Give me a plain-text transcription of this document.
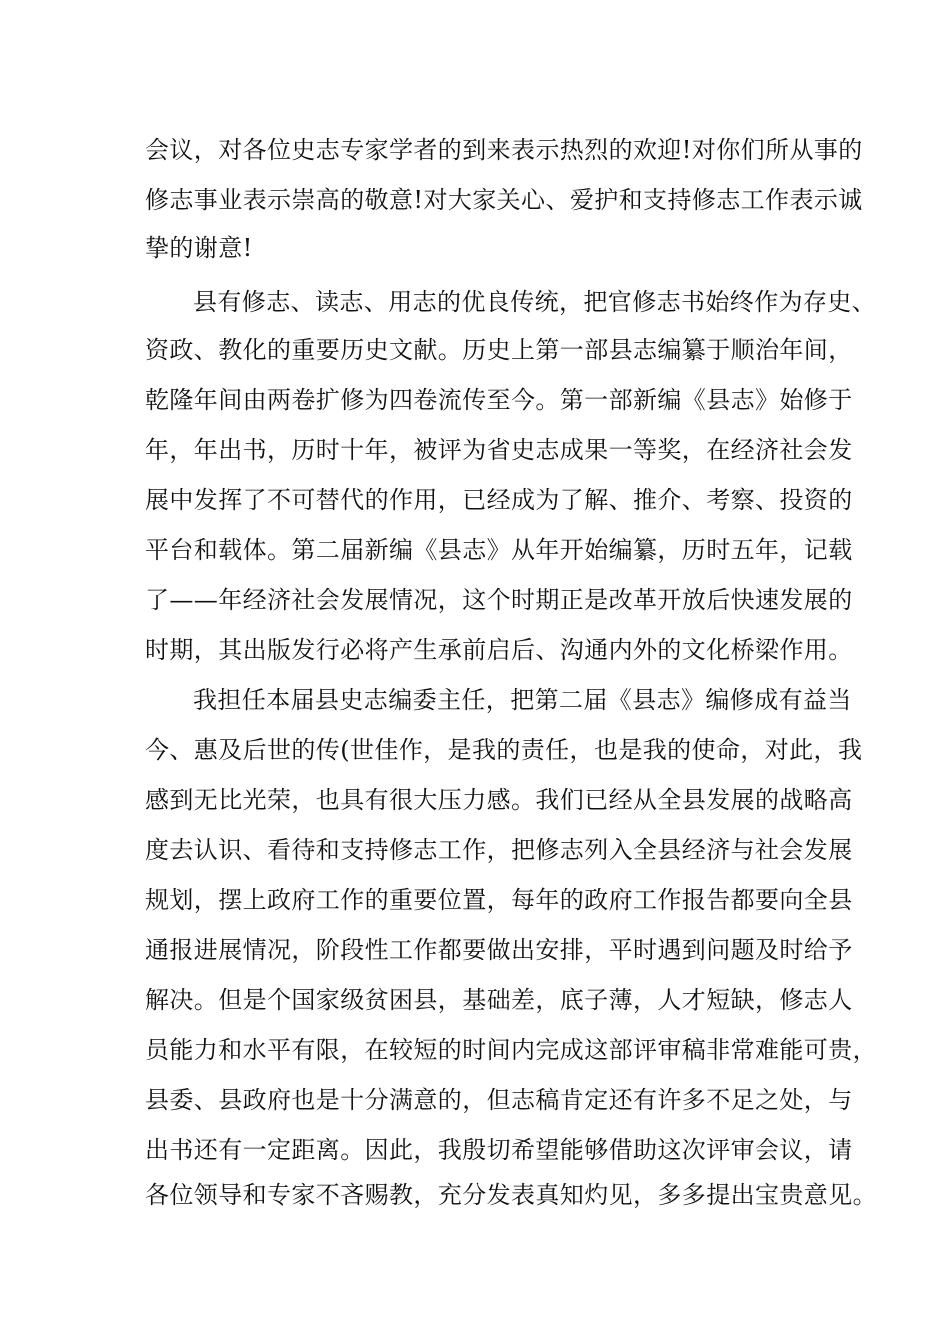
会议，对各位史志专家学者的到来表示热烈的欢迎!对你们所从事的
修志事业表示崇高的敬意!对大家关心、爱护和支持修志工作表示诚
挚的谢意!
县有修志、读志、用志的优良传统，把官修志书始终作为存史、
资政、教化的重要历史文献。历史上第一部县志编纂于顺治年间，
乾隆年间由两卷扩修为四卷流传至今。第一部新编《县志》始修于
年，年出书，历时十年，被评为省史志成果一等奖，在经济社会发
展中发挥了不可替代的作用，已经成为了解、推介、考察、投资的
平台和载体。第二届新编《县志》从年开始编纂，历时五年，记载
了——年经济社会发展情况，这个时期正是改革开放后快速发展的
时期，其出版发行必将产生承前启后、沟通内外的文化桥梁作用。
我担任本届县史志编委主任，把第二届《县志》编修成有益当
今、惠及后世的传(世佳作，是我的责任，也是我的使命，对此，我
感到无比光荣，也具有很大压力感。我们已经从全县发展的战略高
度去认识、看待和支持修志工作，把修志列入全县经济与社会发展
规划，摆上政府工作的重要位置，每年的政府工作报告都要向全县
通报进展情况，阶段性工作都要做出安排，平时遇到问题及时给予
解决。但是个国家级贫困县，基础差，底子薄，人才短缺，修志人
员能力和水平有限，在较短的时间内完成这部评审稿非常难能可贵，
县委、县政府也是十分满意的，但志稿肯定还有许多不足之处，与
出书还有一定距离。因此，我殷切希望能够借助这次评审会议，请
各位领导和专家不吝赐教，充分发表真知灼见，多多提出宝贵意见。
